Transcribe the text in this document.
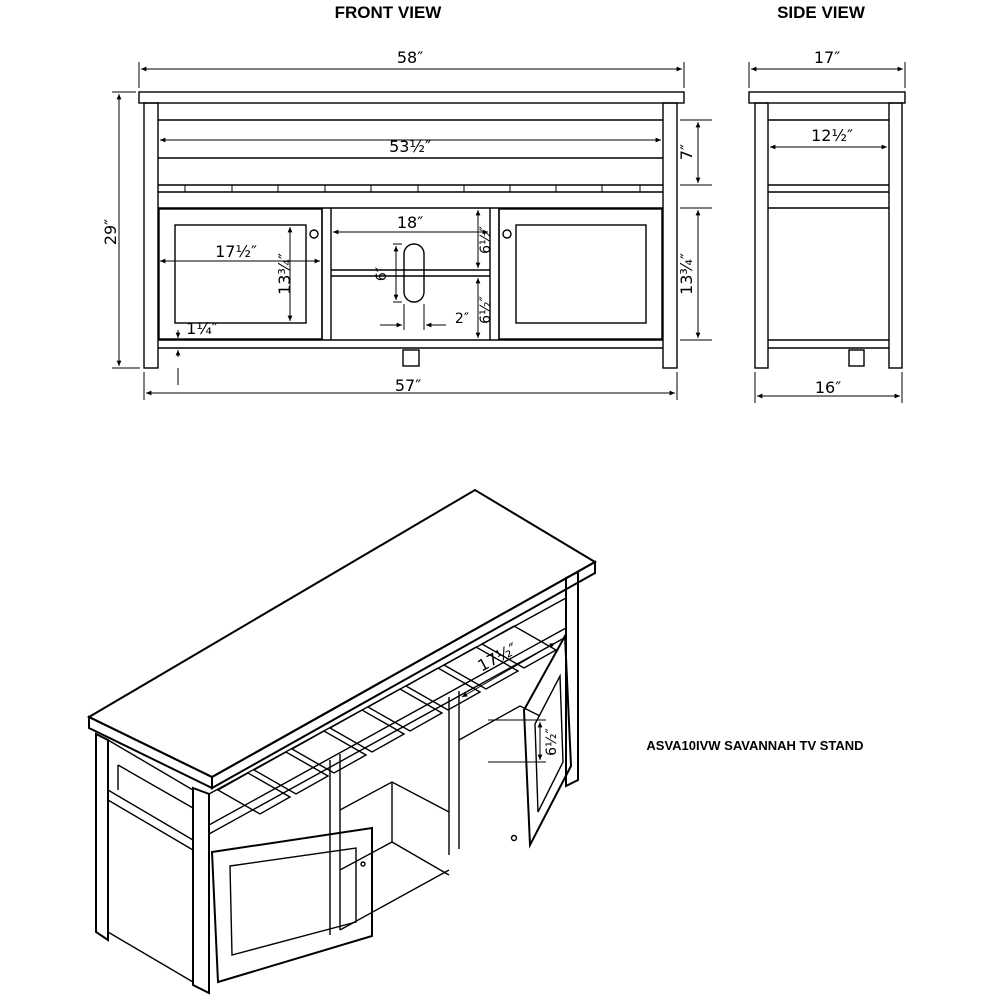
FRONT VIEW	SIDE VIEW
58″
53½″
18″
17½″
1¼″
57″
2″
29″
7″
13¾″
13¾″
6½″
6½″
6″
17″
12½″
16″
17½″
6½″	ASVA10IVW SAVANNAH TV STAND
